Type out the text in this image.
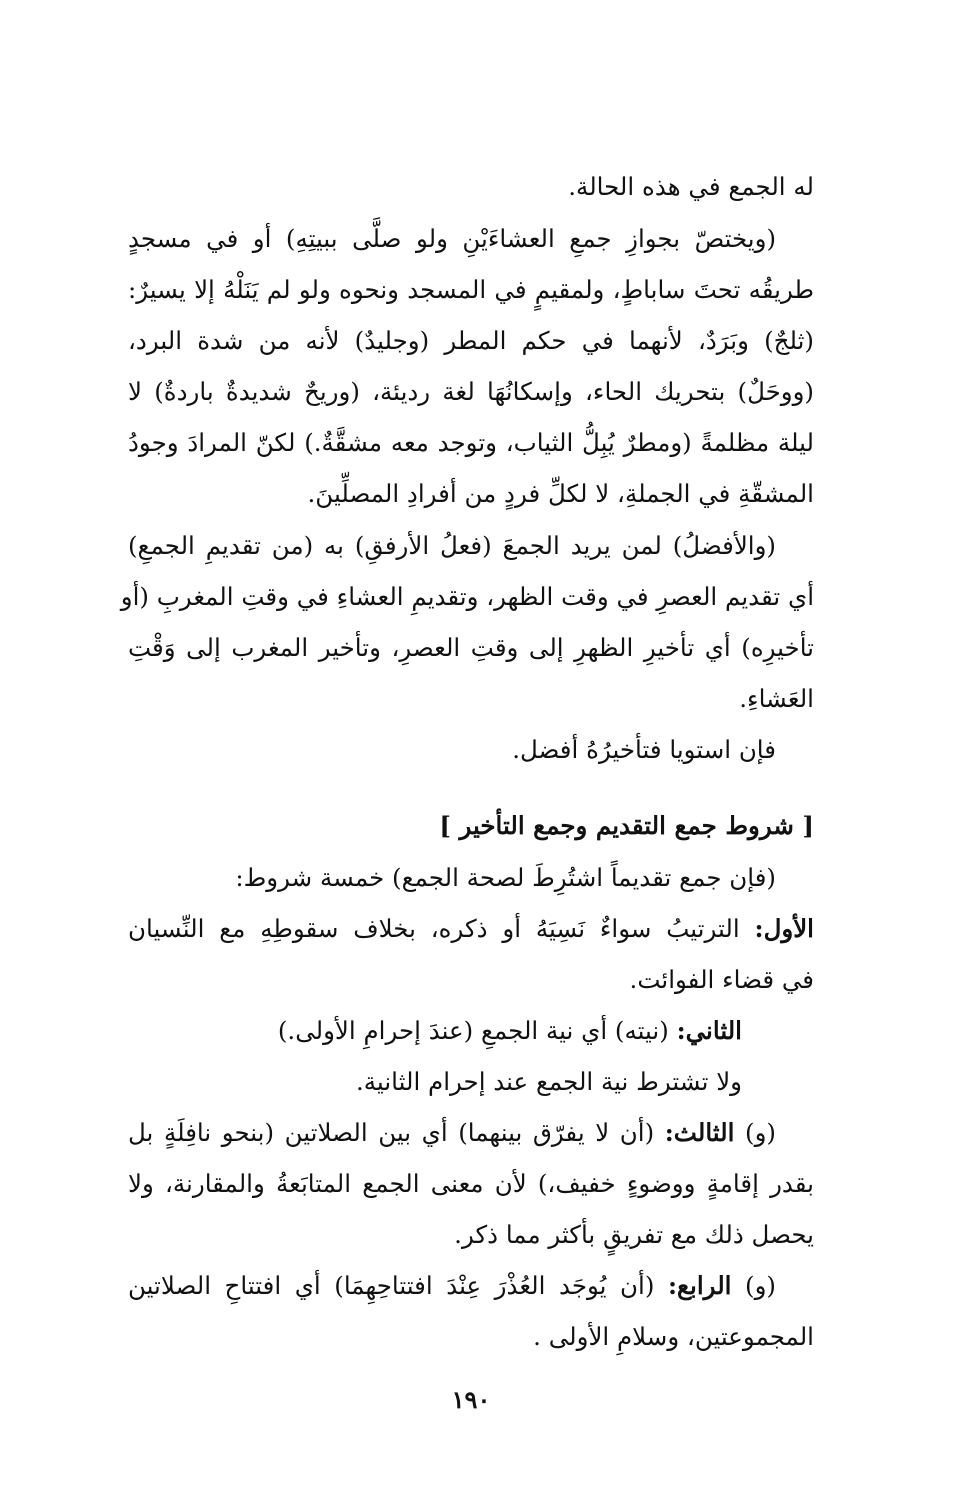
له الجمع في هذه الحالة.
(ويختصّ بجوازِ جمعِ العشاءَيْنِ ولو صلَّى ببيتِهِ) أو في مسجدٍ
طريقُه تحتَ ساباطٍ، ولمقيمٍ في المسجد ونحوه ولو لم يَنَلْهُ إلا يسيرٌ:
(ثلجٌ) وبَرَدٌ، لأنهما في حكم المطر (وجليدٌ) لأنه من شدة البرد،
(ووحَلٌ) بتحريك الحاء، وإسكانُهَا لغة رديئة، (وريحٌ شديدةٌ باردةٌ) لا
ليلة مظلمةً (ومطرٌ يُبِلُّ الثياب، وتوجد معه مشقَّةٌ.) لكنّ المرادَ وجودُ
المشقّةِ في الجملةِ، لا لكلِّ فردٍ من أفرادِ المصلِّينَ.
(والأفضلُ) لمن يريد الجمعَ (فعلُ الأرفقِ) به (من تقديمِ الجمعِ)
أي تقديم العصرِ في وقت الظهر، وتقديمِ العشاءِ في وقتِ المغربِ (أو
تأخيرِه) أي تأخيرِ الظهرِ إلى وقتِ العصرِ، وتأخير المغرب إلى وَقْتِ
العَشاءِ.
فإن استويا فتأخيرُهُ أفضل.
[ شروط جمع التقديم وجمع التأخير ]
(فإن جمع تقديماً اشتُرِطَ لصحة الجمع) خمسة شروط:
الأول: الترتيبُ سواءٌ نَسِيَهُ أو ذكره، بخلاف سقوطِهِ مع النِّسيان
في قضاء الفوائت.
الثاني: (نيته) أي نية الجمعِ (عندَ إحرامِ الأولى.)
ولا تشترط نية الجمع عند إحرام الثانية.
(و) الثالث: (أن لا يفرّق بينهما) أي بين الصلاتين (بنحو نافِلَةٍ بل
بقدر إقامةٍ ووضوءٍ خفيف،) لأن معنى الجمع المتابَعةُ والمقارنة، ولا
يحصل ذلك مع تفريقٍ بأكثر مما ذكر.
(و) الرابع: (أن يُوجَد العُذْرَ عِنْدَ افتتاحِهِمَا) أي افتتاحِ الصلاتين
المجموعتين، وسلامِ الأولى .
١٩٠
